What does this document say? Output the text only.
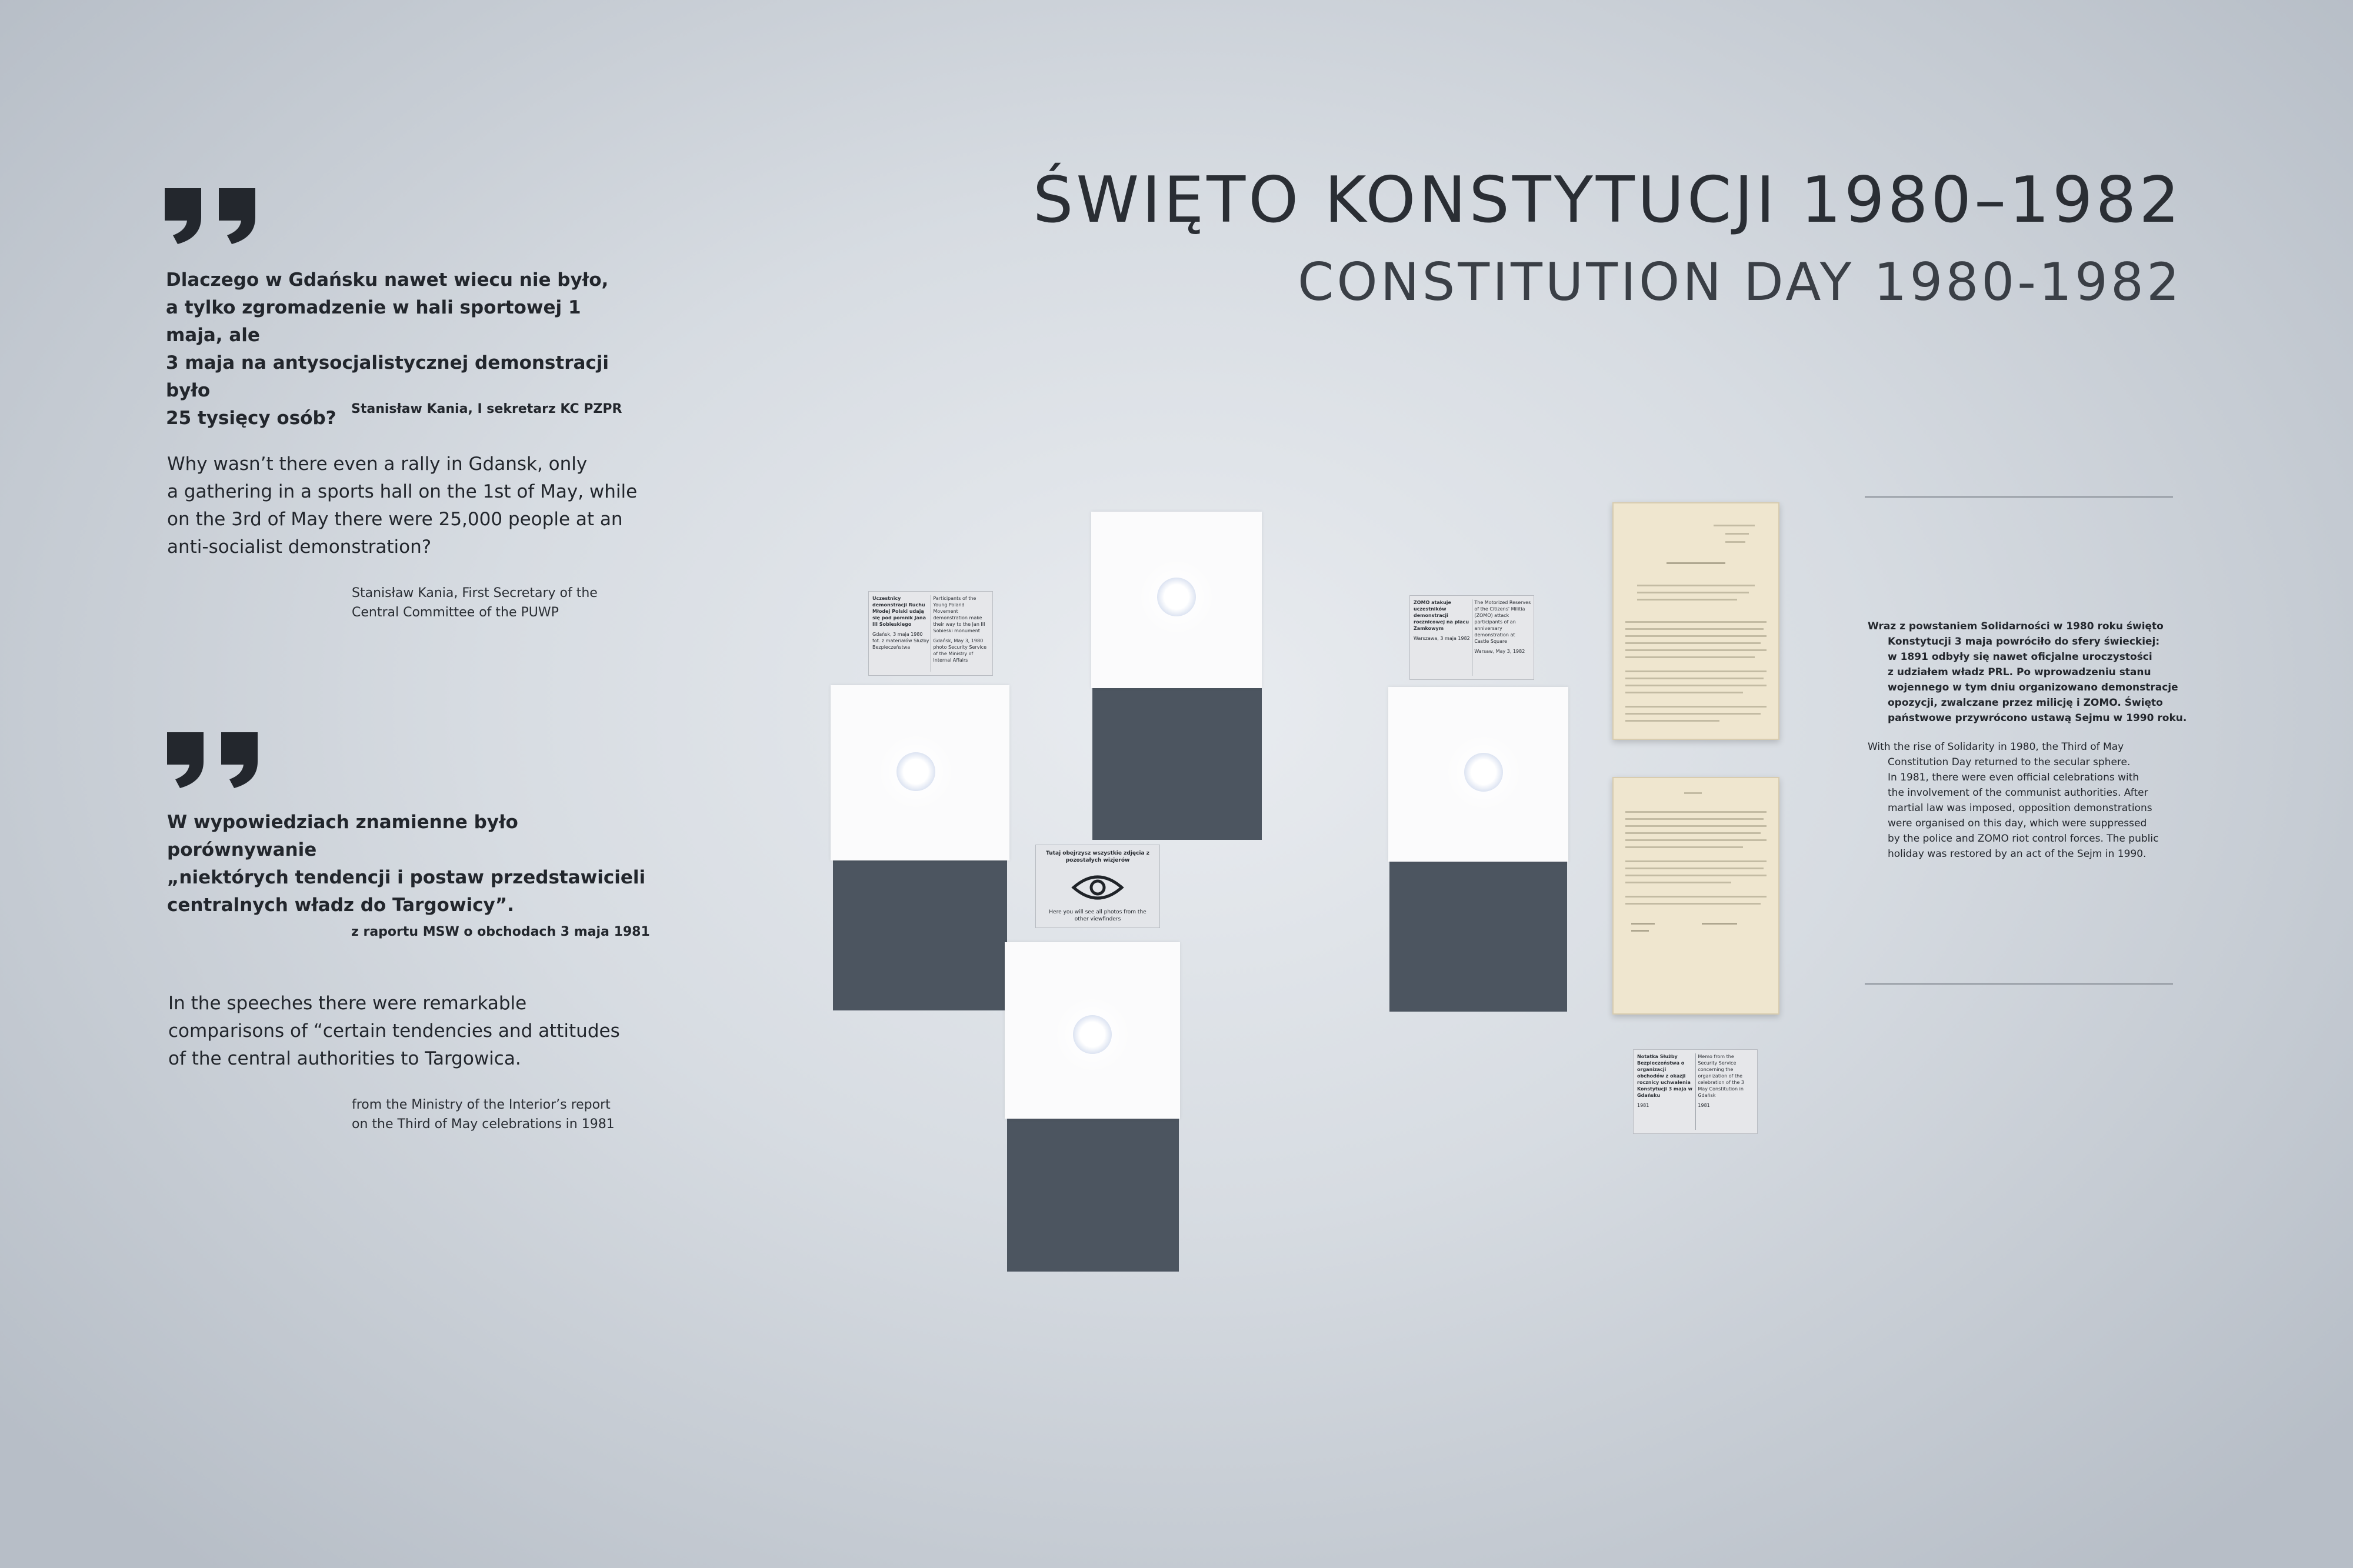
ŚWIĘTO KONSTYTUCJI 1980–1982
CONSTITUTION DAY 1980-1982
Dlaczego w Gdańsku nawet wiecu nie było,
a tylko zgromadzenie w hali sportowej 1 maja, ale
3 maja na antysocjalistycznej demonstracji było
25 tysięcy osób?	Stanisław Kania, I sekretarz KC PZPR
Why wasn’t there even a rally in Gdansk, only
a gathering in a sports hall on the 1st of May, while
on the 3rd of May there were 25,000 people at an
anti-socialist demonstration?
Stanisław Kania, First Secretary of the
Central Committee of the PUWP
W wypowiedziach znamienne było porównywanie
„niektórych tendencji i postaw przedstawicieli
centralnych władz do Targowicy”.
z raportu MSW o obchodach 3 maja 1981
In the speeches there were remarkable
comparisons of “certain tendencies and attitudes
of the central authorities to Targowica.
from the Ministry of the Interior’s report
on the Third of May celebrations in 1981
Uczestnicy demonstracji Ruchu Młodej Polski udają się pod pomnik Jana III Sobieskiego
Gdańsk, 3 maja 1980 fot. z materiałów Służby Bezpieczeństwa
Participants of the Young Poland Movement demonstration make their way to the Jan III Sobieski monument
Gdańsk, May 3, 1980 photo Security Service of the Ministry of Internal Affairs
ZOMO atakuje uczestników demonstracji rocznicowej na placu Zamkowym
Warszawa, 3 maja 1982
The Motorized Reserves of the Citizens' Militia (ZOMO) attack participants of an anniversary demonstration at Castle Square
Warsaw, May 3, 1982
Notatka Służby Bezpieczeństwa o organizacji obchodów z okazji rocznicy uchwalenia Konstytucji 3 maja w Gdańsku
1981
Memo from the Security Service concerning the organization of the celebration of the 3 May Constitution in Gdańsk
1981
Tutaj obejrzysz wszystkie zdjęcia z pozostałych wizjerów
Here you will see all photos from the other viewfinders
Wraz z powstaniem Solidarności w 1980 roku święto
Konstytucji 3 maja powróciło do sfery świeckiej:
w 1891 odbyły się nawet oficjalne uroczystości
z udziałem władz PRL. Po wprowadzeniu stanu
wojennego w tym dniu organizowano demonstracje
opozycji, zwalczane przez milicję i ZOMO. Święto
państwowe przywrócono ustawą Sejmu w 1990 roku.
With the rise of Solidarity in 1980, the Third of May
Constitution Day returned to the secular sphere.
In 1981, there were even official celebrations with
the involvement of the communist authorities. After
martial law was imposed, opposition demonstrations
were organised on this day, which were suppressed
by the police and ZOMO riot control forces. The public
holiday was restored by an act of the Sejm in 1990.
